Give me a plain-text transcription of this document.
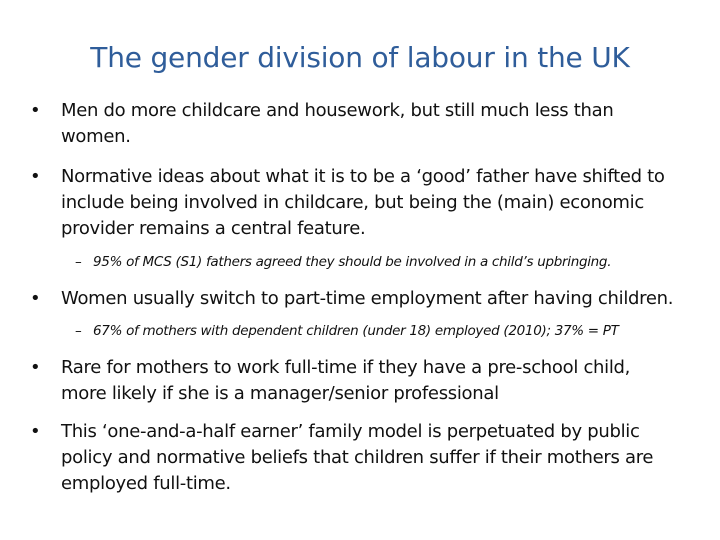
The gender division of labour in the UK
•	Men do more childcare and housework, but still much less than
women.
•	Normative ideas about what it is to be a ‘good’ father have shifted to
include being involved in childcare, but being the (main) economic
provider remains a central feature.
– 95% of MCS (S1) fathers agreed they should be involved in a child’s upbringing.
•	Women usually switch to part-time employment after having children.
– 67% of mothers with dependent children (under 18) employed (2010); 37% = PT
•	Rare for mothers to work full-time if they have a pre-school child,
more likely if she is a manager/senior professional
•	This ‘one-and-a-half earner’ family model is perpetuated by public
policy and normative beliefs that children suffer if their mothers are
employed full-time.
